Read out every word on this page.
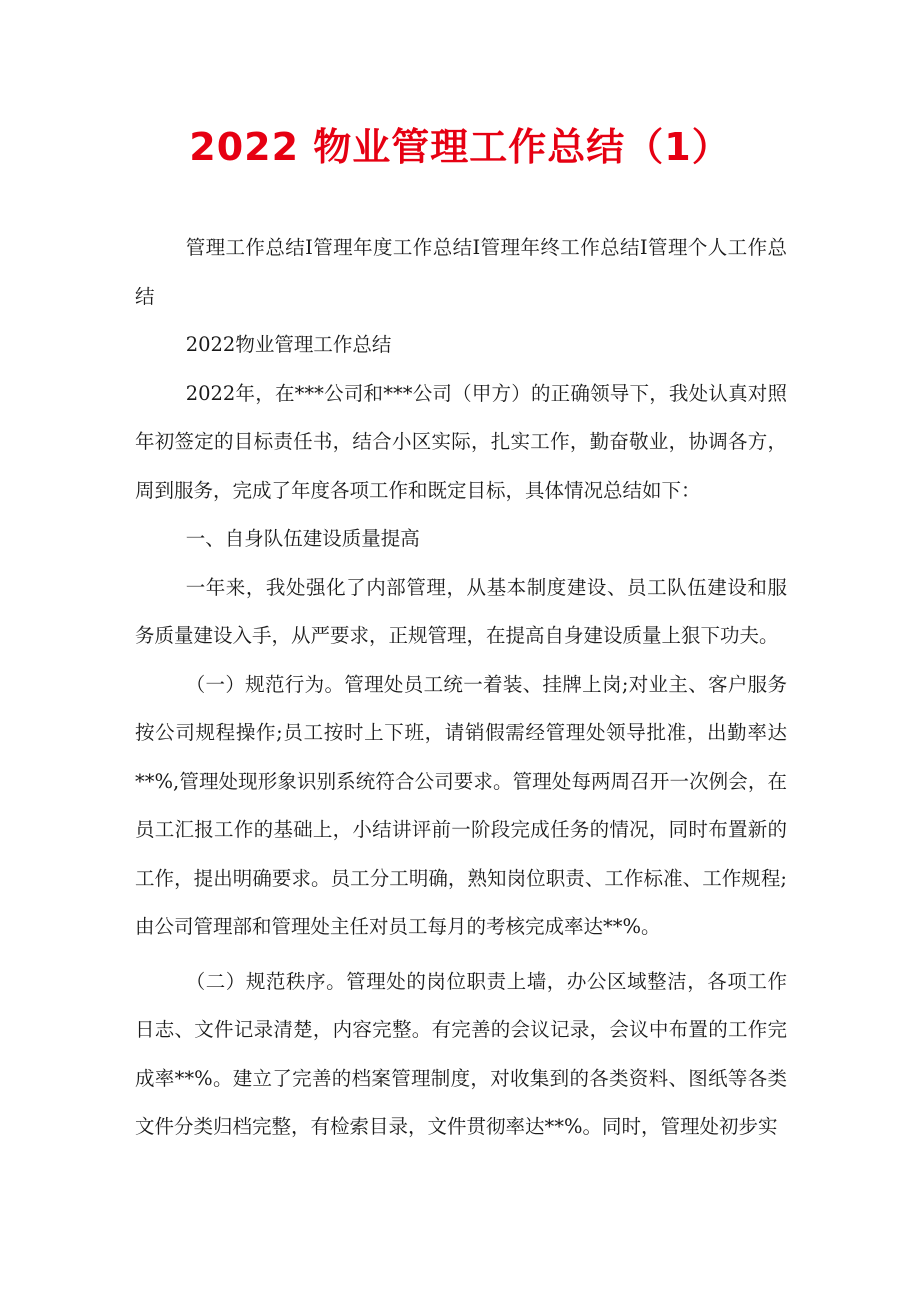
2022 物业管理工作总结（1）

管理工作总结I管理年度工作总结I管理年终工作总结I管理个人工作总结

2022物业管理工作总结

2022年，在***公司和***公司（甲方）的正确领导下，我处认真对照年初签定的目标责任书，结合小区实际，扎实工作，勤奋敬业，协调各方，周到服务，完成了年度各项工作和既定目标，具体情况总结如下：

一、自身队伍建设质量提高

一年来，我处强化了内部管理，从基本制度建设、员工队伍建设和服务质量建设入手，从严要求，正规管理，在提高自身建设质量上狠下功夫。

（一）规范行为。管理处员工统一着装、挂牌上岗;对业主、客户服务按公司规程操作;员工按时上下班，请销假需经管理处领导批准，出勤率达**%,管理处现形象识别系统符合公司要求。管理处每两周召开一次例会，在员工汇报工作的基础上，小结讲评前一阶段完成任务的情况，同时布置新的工作，提出明确要求。员工分工明确，熟知岗位职责、工作标准、工作规程;由公司管理部和管理处主任对员工每月的考核完成率达**%。

（二）规范秩序。管理处的岗位职责上墙，办公区域整洁，各项工作日志、文件记录清楚，内容完整。有完善的会议记录，会议中布置的工作完成率**%。建立了完善的档案管理制度，对收集到的各类资料、图纸等各类文件分类归档完整，有检索目录，文件贯彻率达**%。同时，管理处初步实
